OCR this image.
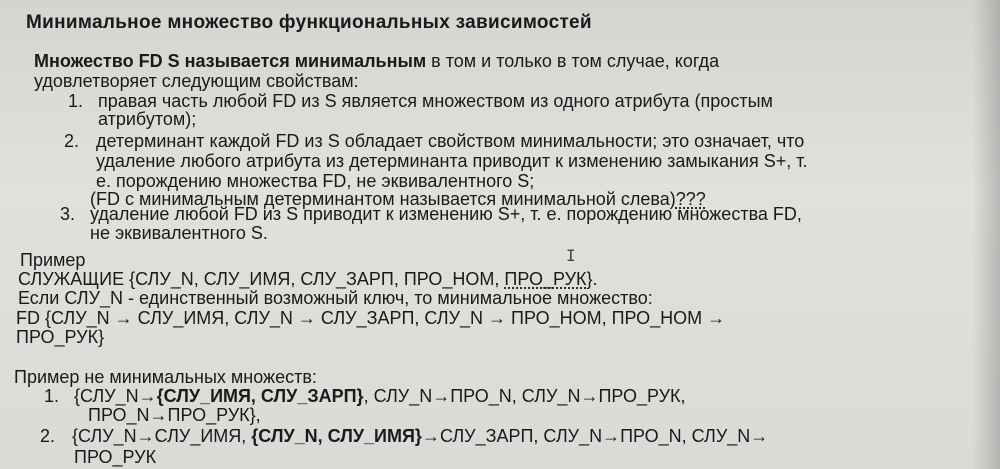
Минимальное множество функциональных зависимостей
Множество FD S называется минимальным в том и только в том случае, когда
удовлетворяет следующим свойствам:
1. правая часть любой FD из S является множеством из одного атрибута (простым
атрибутом);
2. детерминант каждой FD из S обладает свойством минимальности; это означает, что
удаление любого атрибута из детерминанта приводит к изменению замыкания S+, т.
е. порождению множества FD, не эквивалентного S;
(FD с минимальным детерминантом называется минимальной слева)???
3. удаление любой FD из S приводит к изменению S+, т. е. порождению множества FD,
не эквивалентного S.
I
Пример
СЛУЖАЩИЕ {СЛУ_N, СЛУ_ИМЯ, СЛУ_ЗАРП, ПРО_НОМ, ПРО_РУК}.
Если СЛУ_N - единственный возможный ключ, то минимальное множество:
FD {СЛУ_N → СЛУ_ИМЯ, СЛУ_N → СЛУ_ЗАРП, СЛУ_N → ПРО_НОМ, ПРО_НОМ →
ПРО_РУК}
Пример не минимальных множеств:
1. {СЛУ_N→{СЛУ_ИМЯ, СЛУ_ЗАРП}, СЛУ_N→ПРО_N, СЛУ_N→ПРО_РУК,
ПРО_N→ПРО_РУК},
2. {СЛУ_N→СЛУ_ИМЯ, {СЛУ_N, СЛУ_ИМЯ}→СЛУ_ЗАРП, СЛУ_N→ПРО_N, СЛУ_N→
ПРО_РУК
